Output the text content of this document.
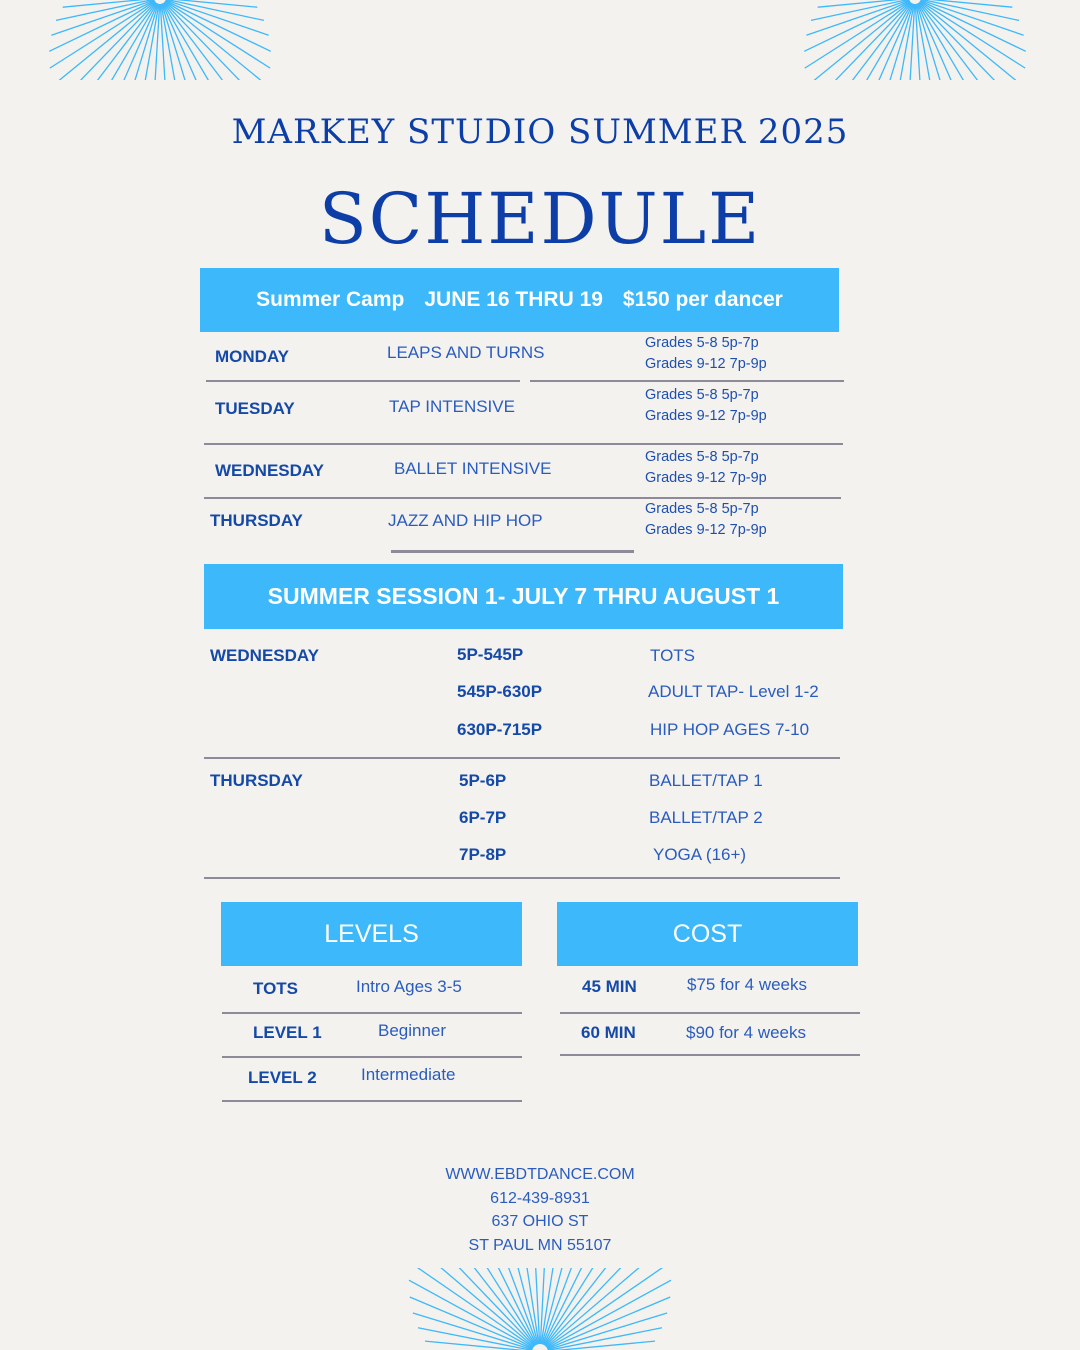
MARKEY STUDIO SUMMER 2025
SCHEDULE
Summer Camp JUNE 16 THRU 19 $150 per dancer
MONDAY	LEAPS AND TURNS	Grades 5-8 5p-7p
Grades 9-12 7p-9p
TUESDAY	TAP INTENSIVE
Grades 5-8 5p-7p
Grades 9-12 7p-9p
WEDNESDAY	BALLET INTENSIVE
Grades 5-8 5p-7p
Grades 9-12 7p-9p
THURSDAY	JAZZ AND HIP HOP
Grades 5-8 5p-7p
Grades 9-12 7p-9p
SUMMER SESSION 1- JULY 7 THRU AUGUST 1
WEDNESDAY	5P-545P	TOTS
545P-630P	ADULT TAP- Level 1-2
630P-715P	HIP HOP AGES 7-10
THURSDAY	5P-6P	BALLET/TAP 1
6P-7P	BALLET/TAP 2
7P-8P	YOGA (16+)
LEVELS
TOTS	Intro Ages 3-5
LEVEL 1	Beginner
LEVEL 2	Intermediate
COST
45 MIN	$75 for 4 weeks
60 MIN	$90 for 4 weeks
WWW.EBDTDANCE.COM
612-439-8931
637 OHIO ST
ST PAUL MN 55107
